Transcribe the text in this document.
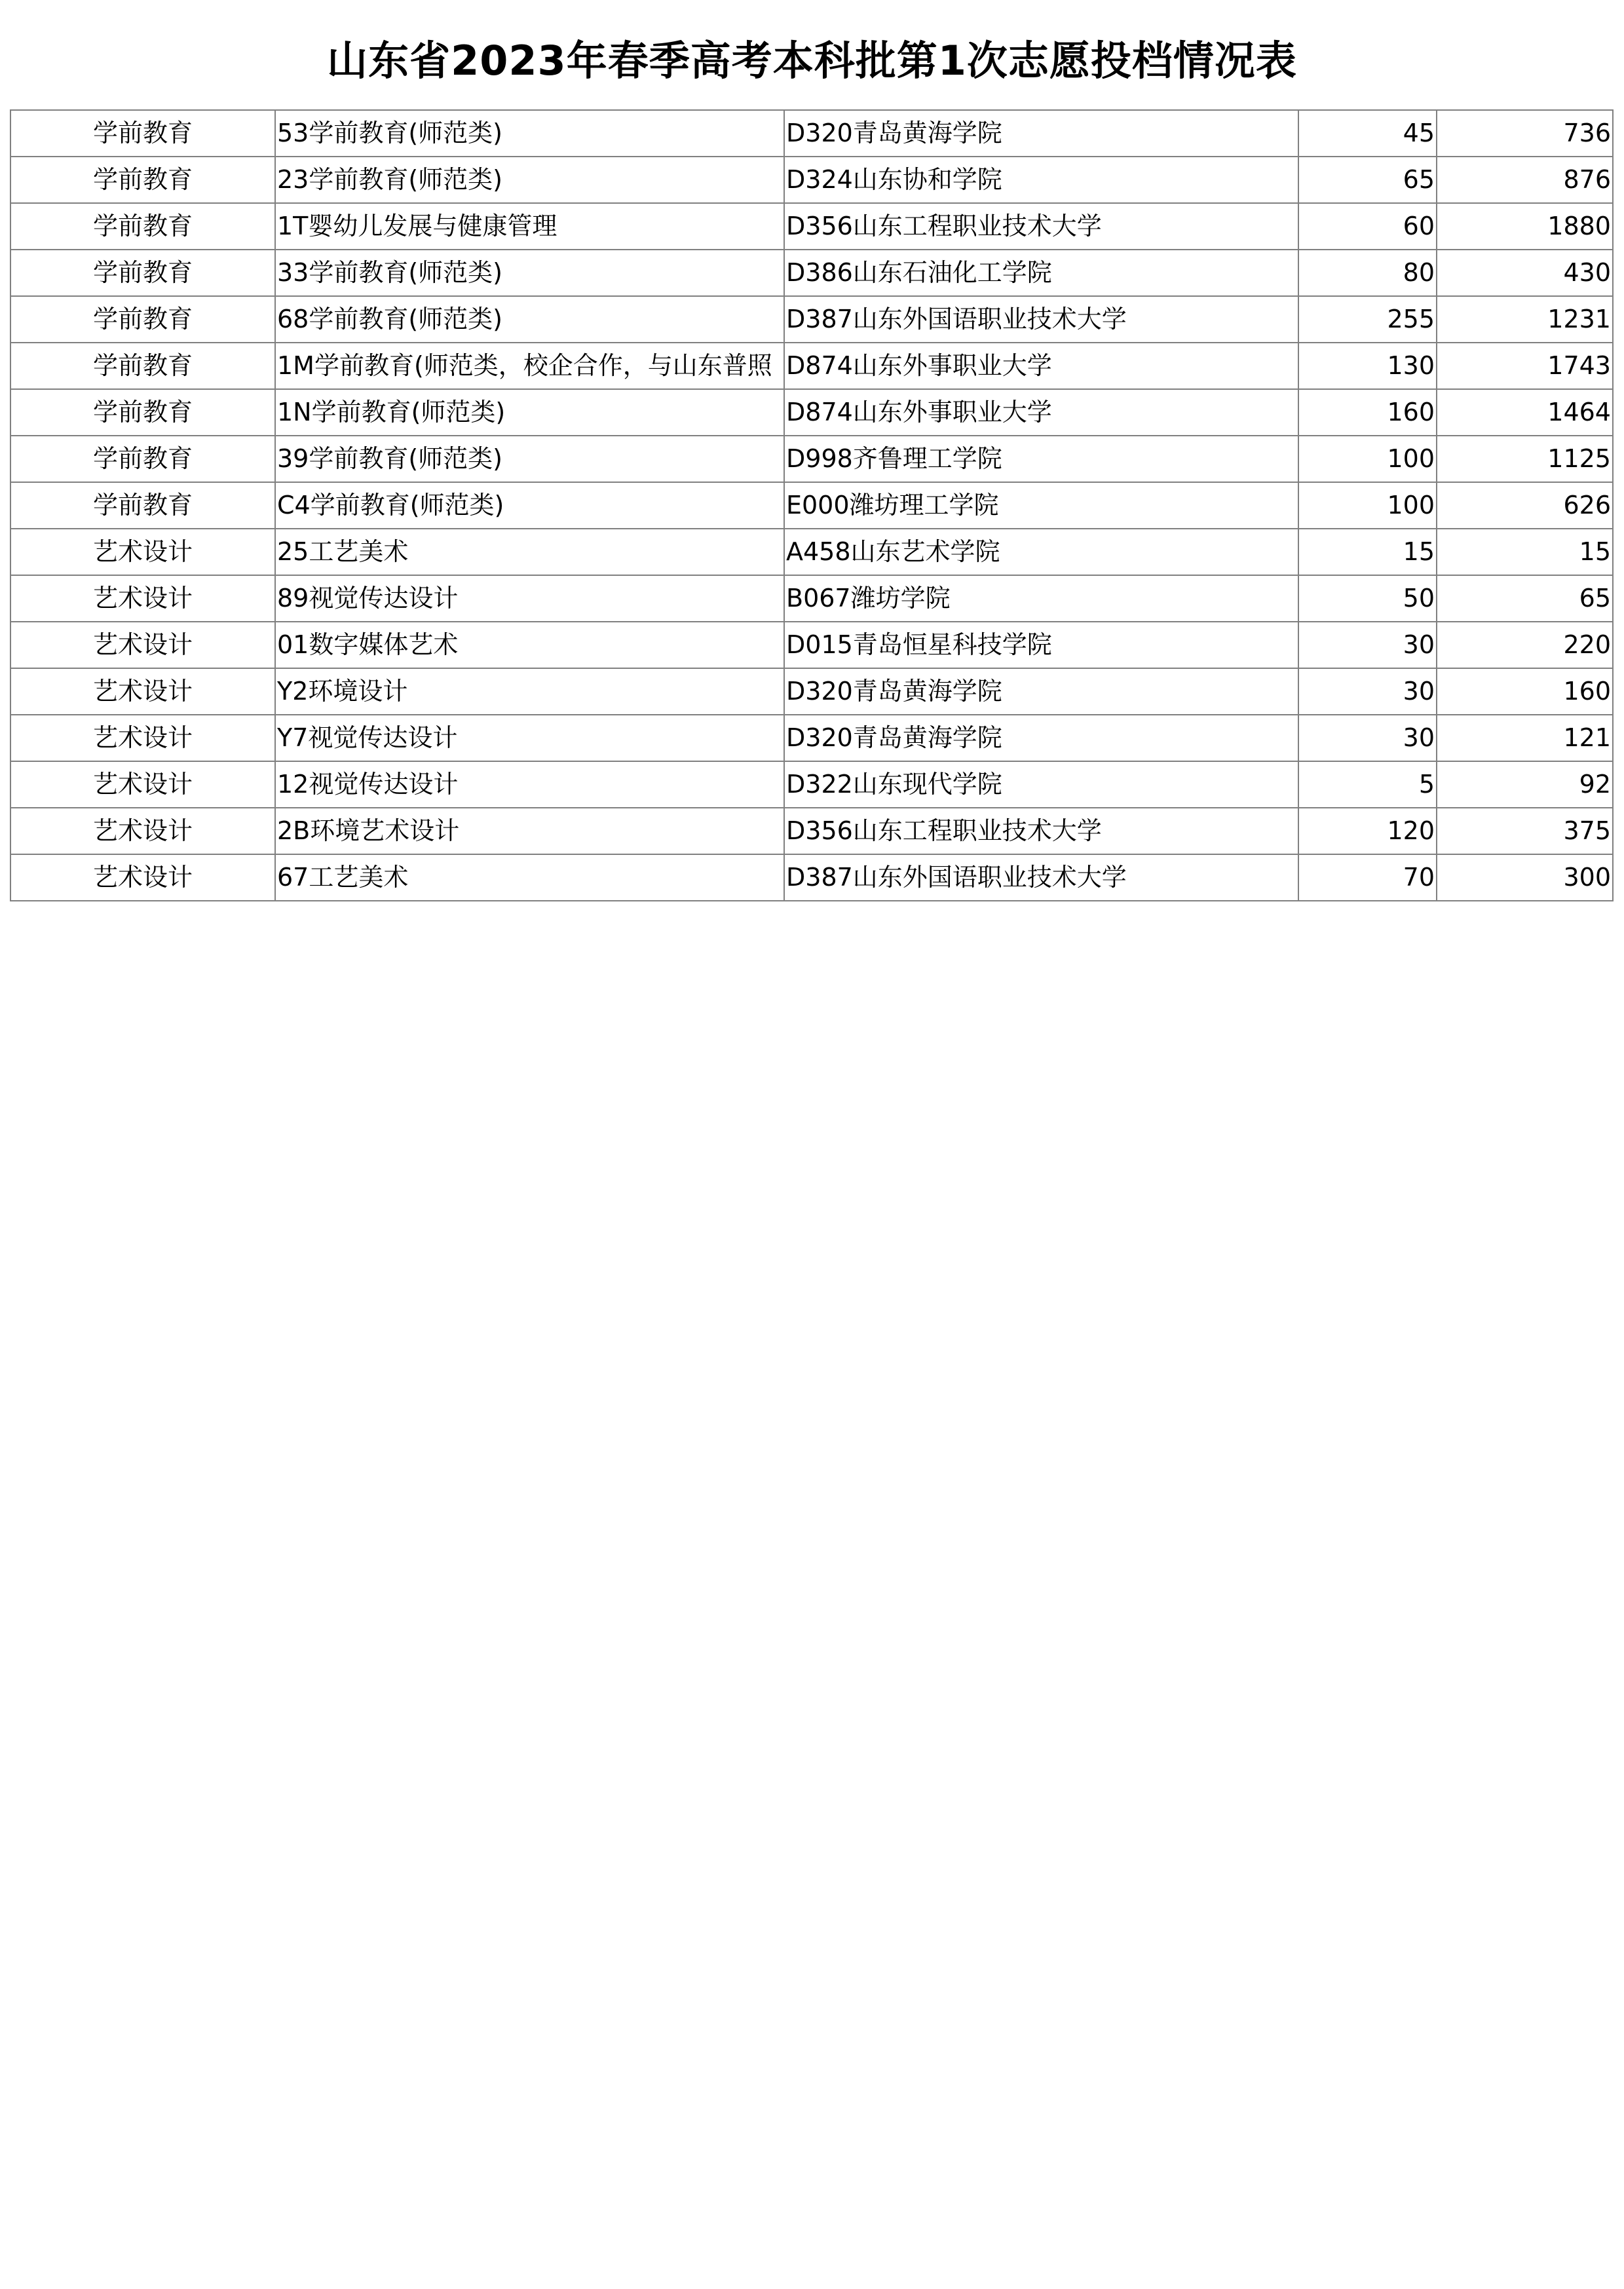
山东省2023年春季高考本科批第1次志愿投档情况表
学前教育	53学前教育(师范类)	D320青岛黄海学院	45	736
学前教育	23学前教育(师范类)	D324山东协和学院	65	876
学前教育	1T婴幼儿发展与健康管理	D356山东工程职业技术大学	60	1880
学前教育	33学前教育(师范类)	D386山东石油化工学院	80	430
学前教育	68学前教育(师范类)	D387山东外国语职业技术大学	255	1231
学前教育	1M学前教育(师范类，校企合作，与山东普照	D874山东外事职业大学	130	1743
学前教育	1N学前教育(师范类)	D874山东外事职业大学	160	1464
学前教育	39学前教育(师范类)	D998齐鲁理工学院	100	1125
学前教育	C4学前教育(师范类)	E000潍坊理工学院	100	626
艺术设计	25工艺美术	A458山东艺术学院	15	15
艺术设计	89视觉传达设计	B067潍坊学院	50	65
艺术设计	01数字媒体艺术	D015青岛恒星科技学院	30	220
艺术设计	Y2环境设计	D320青岛黄海学院	30	160
艺术设计	Y7视觉传达设计	D320青岛黄海学院	30	121
艺术设计	12视觉传达设计	D322山东现代学院	5	92
艺术设计	2B环境艺术设计	D356山东工程职业技术大学	120	375
艺术设计	67工艺美术	D387山东外国语职业技术大学	70	300
